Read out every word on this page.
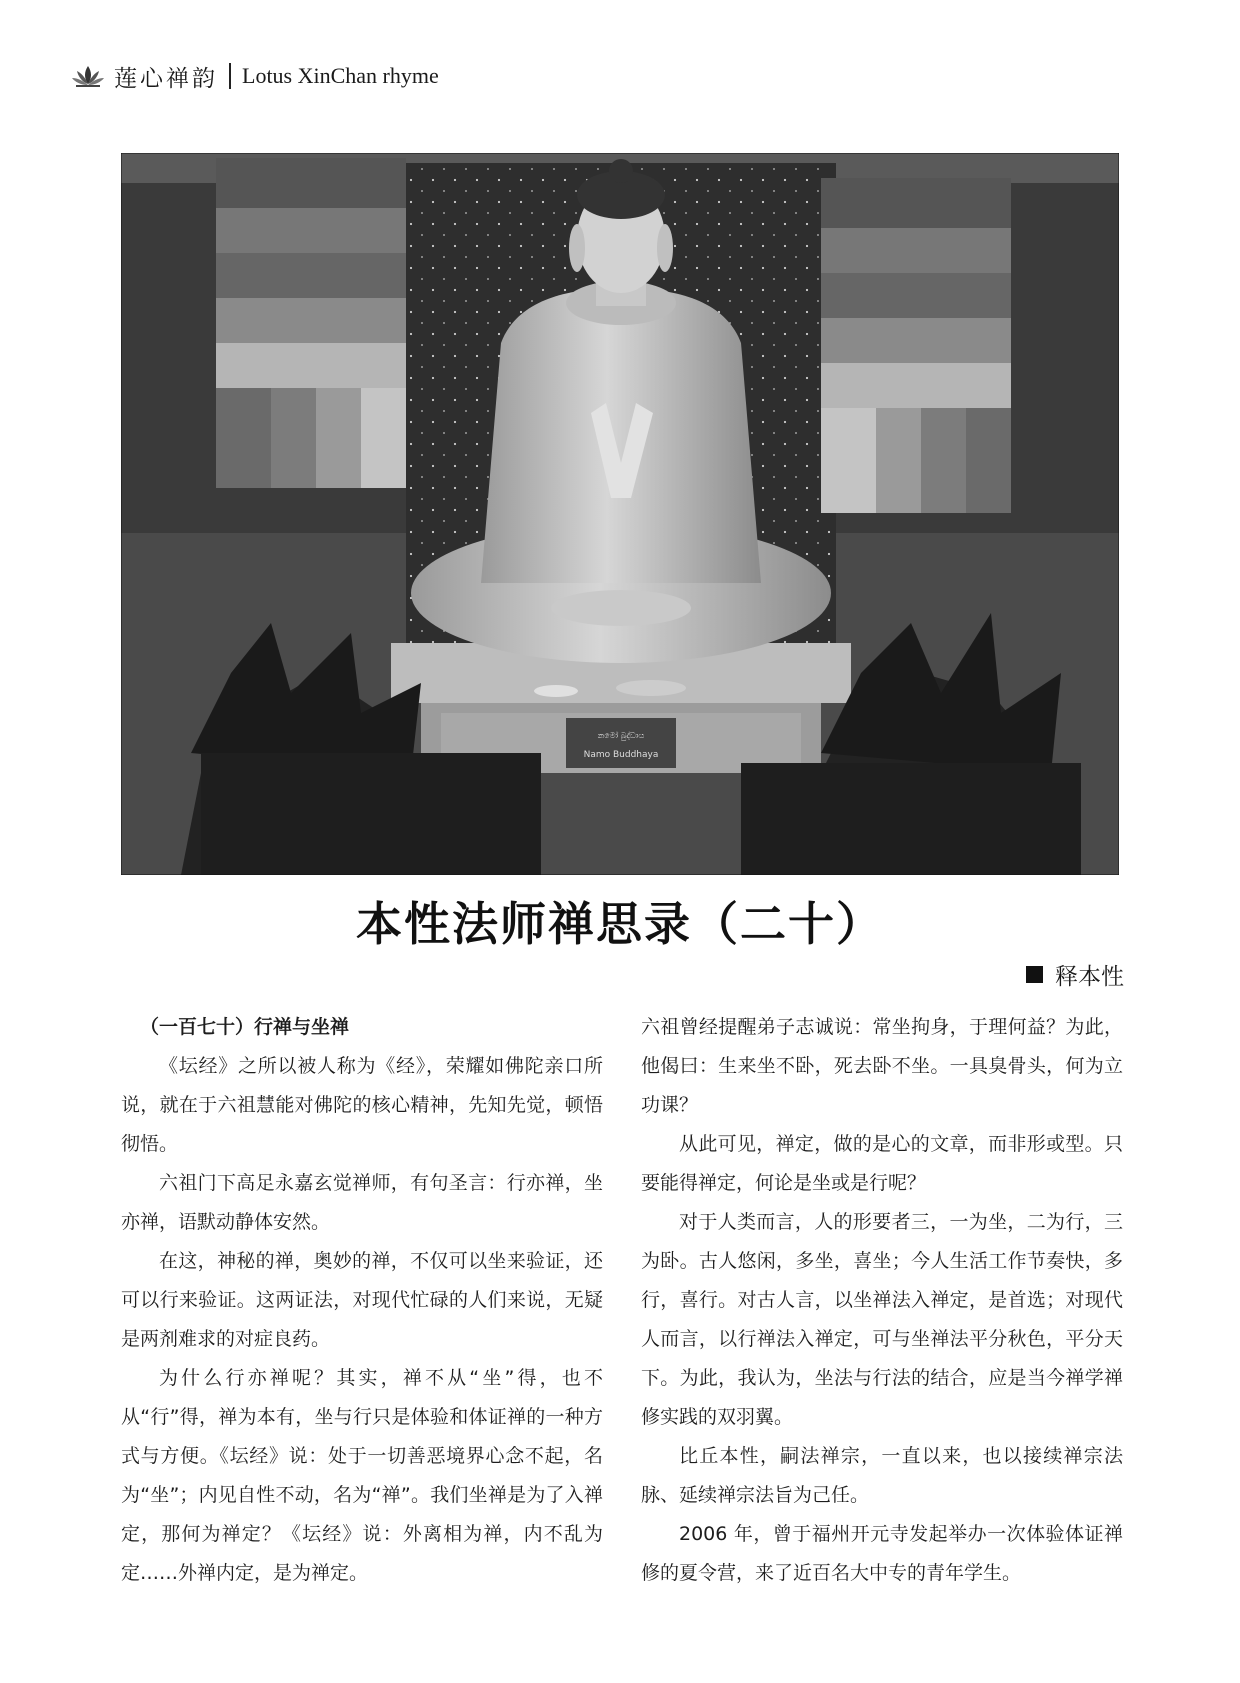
莲心禅韵 Lotus XinChan rhyme
නමෝ බුද්ධාය
Namo Buddhaya
本性法师禅思录（二十）
释本性

（一百七十）行禅与坐禅

《坛经》之所以被人称为《经》，荣耀如佛陀亲口所说，就在于六祖慧能对佛陀的核心精神，先知先觉，顿悟彻悟。

六祖门下高足永嘉玄觉禅师，有句圣言：行亦禅，坐亦禅，语默动静体安然。

在这，神秘的禅，奥妙的禅，不仅可以坐来验证，还可以行来验证。这两证法，对现代忙碌的人们来说，无疑是两剂难求的对症良药。

为什么行亦禅呢？其实，禅不从“坐”得，也不从“行”得，禅为本有，坐与行只是体验和体证禅的一种方式与方便。《坛经》说：处于一切善恶境界心念不起，名为“坐”；内见自性不动，名为“禅”。我们坐禅是为了入禅定，那何为禅定？《坛经》说：外离相为禅，内不乱为定……外禅内定，是为禅定。

六祖曾经提醒弟子志诚说：常坐拘身，于理何益？为此，他偈曰：生来坐不卧，死去卧不坐。一具臭骨头，何为立功课？

从此可见，禅定，做的是心的文章，而非形或型。只要能得禅定，何论是坐或是行呢？

对于人类而言，人的形要者三，一为坐，二为行，三为卧。古人悠闲，多坐，喜坐；今人生活工作节奏快，多行，喜行。对古人言，以坐禅法入禅定，是首选；对现代人而言，以行禅法入禅定，可与坐禅法平分秋色，平分天下。为此，我认为，坐法与行法的结合，应是当今禅学禅修实践的双羽翼。

比丘本性，嗣法禅宗，一直以来，也以接续禅宗法脉、延续禅宗法旨为己任。

2006 年，曾于福州开元寺发起举办一次体验体证禅修的夏令营，来了近百名大中专的青年学生。
